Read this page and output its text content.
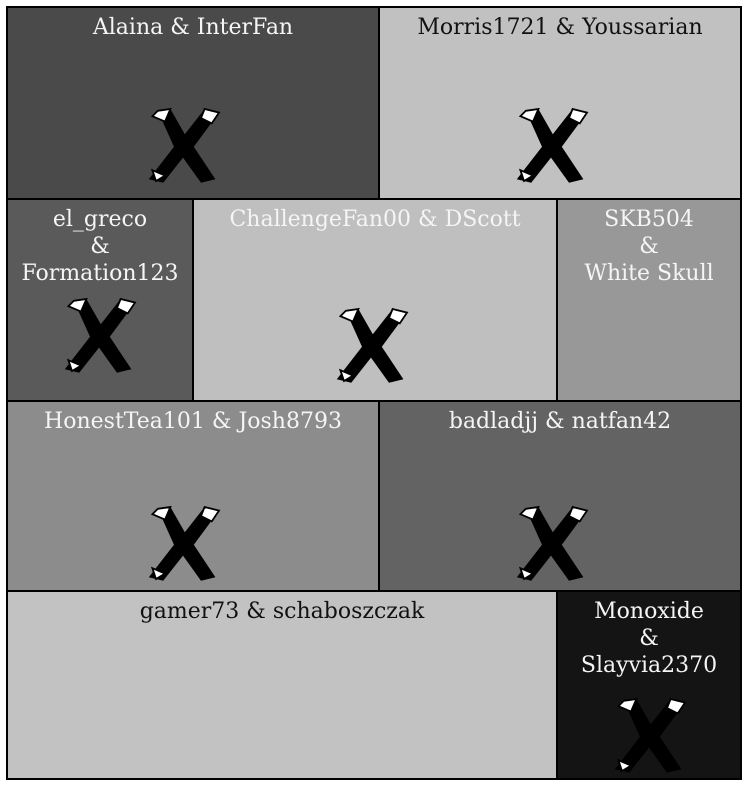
Alaina & InterFan	Morris1721 & Youssarian
el_greco
&
Formation123
ChallengeFan00 & DScott	SKB504
&
White Skull
HonestTea101 & Josh8793	badladjj & natfan42
gamer73 & schaboszczak	Monoxide
&
Slayvia2370
